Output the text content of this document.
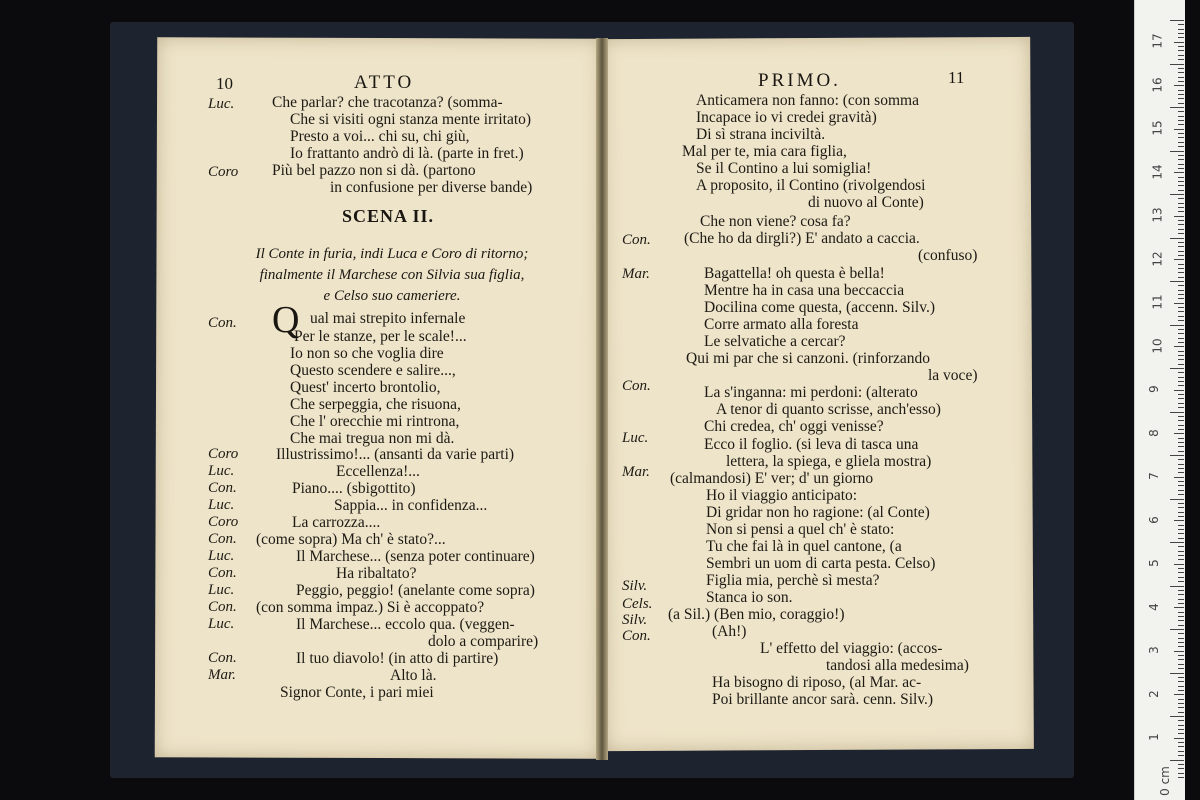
10	ATTO
SCENA II.
Il Conte in furia, indi Luca e Coro di ritorno;
finalmente il Marchese con Silvia sua figlia,
e Celso suo cameriere.
Q
PRIMO.	11
Che parlar? che tracotanza? (somma-
Che si visiti ogni stanza mente irritato)
Presto a voi... chi su, chi giù,
Io frattanto andrò di là. (parte in fret.)
Più bel pazzo non si dà. (partono
in confusione per diverse bande)
ual mai strepito infernale
Per le stanze, per le scale!...
Io non so che voglia dire
Questo scendere e salire...,
Quest' incerto brontolio,
Che serpeggia, che risuona,
Che l' orecchie mi rintrona,
Che mai tregua non mi dà.
Illustrissimo!... (ansanti da varie parti)
Eccellenza!...
Piano.... (sbigottito)
Sappia... in confidenza...
La carrozza....
(come sopra) Ma ch' è stato?...
Il Marchese... (senza poter continuare)
Ha ribaltato?
Peggio, peggio! (anelante come sopra)
(con somma impaz.) Si è accoppato?
Il Marchese... eccolo qua. (veggen-
dolo a comparire)
Il tuo diavolo! (in atto di partire)
Alto là.
Signor Conte, i pari miei
Luc.
Coro
Con.
Coro
Luc.
Con.
Luc.
Coro
Con.
Luc.
Con.
Luc.
Con.
Luc.
Con.
Mar.
Anticamera non fanno: (con somma
Incapace io vi credei gravità)
Di sì strana inciviltà.
Mal per te, mia cara figlia,
Se il Contino a lui somiglia!
A proposito, il Contino (rivolgendosi
di nuovo al Conte)
Che non viene? cosa fa?
(Che ho da dirgli?) E' andato a caccia.
(confuso)
Bagattella! oh questa è bella!
Mentre ha in casa una beccaccia
Docilina come questa, (accenn. Silv.)
Corre armato alla foresta
Le selvatiche a cercar?
Qui mi par che si canzoni. (rinforzando
la voce)
La s'inganna: mi perdoni: (alterato
A tenor di quanto scrisse, anch'esso)
Chi credea, ch' oggi venisse?
Ecco il foglio. (si leva di tasca una
lettera, la spiega, e gliela mostra)
(calmandosi) E' ver; d' un giorno
Ho il viaggio anticipato:
Di gridar non ho ragione: (al Conte)
Non si pensi a quel ch' è stato:
Tu che fai là in quel cantone, (a
Sembri un uom di carta pesta. Celso)
Figlia mia, perchè sì mesta?
Stanca io son.
(a Sil.) (Ben mio, coraggio!)
(Ah!)
L' effetto del viaggio: (accos-
tandosi alla medesima)
Ha bisogno di riposo, (al Mar. ac-
Poi brillante ancor sarà. cenn. Silv.)
Con.
Mar.
Con.
Luc.
Mar.
Silv.
Cels.
Silv.
Con.
17
16
15
14
13
12
11
10
9
8
7
6
5
4
3
2
1
0 cm
